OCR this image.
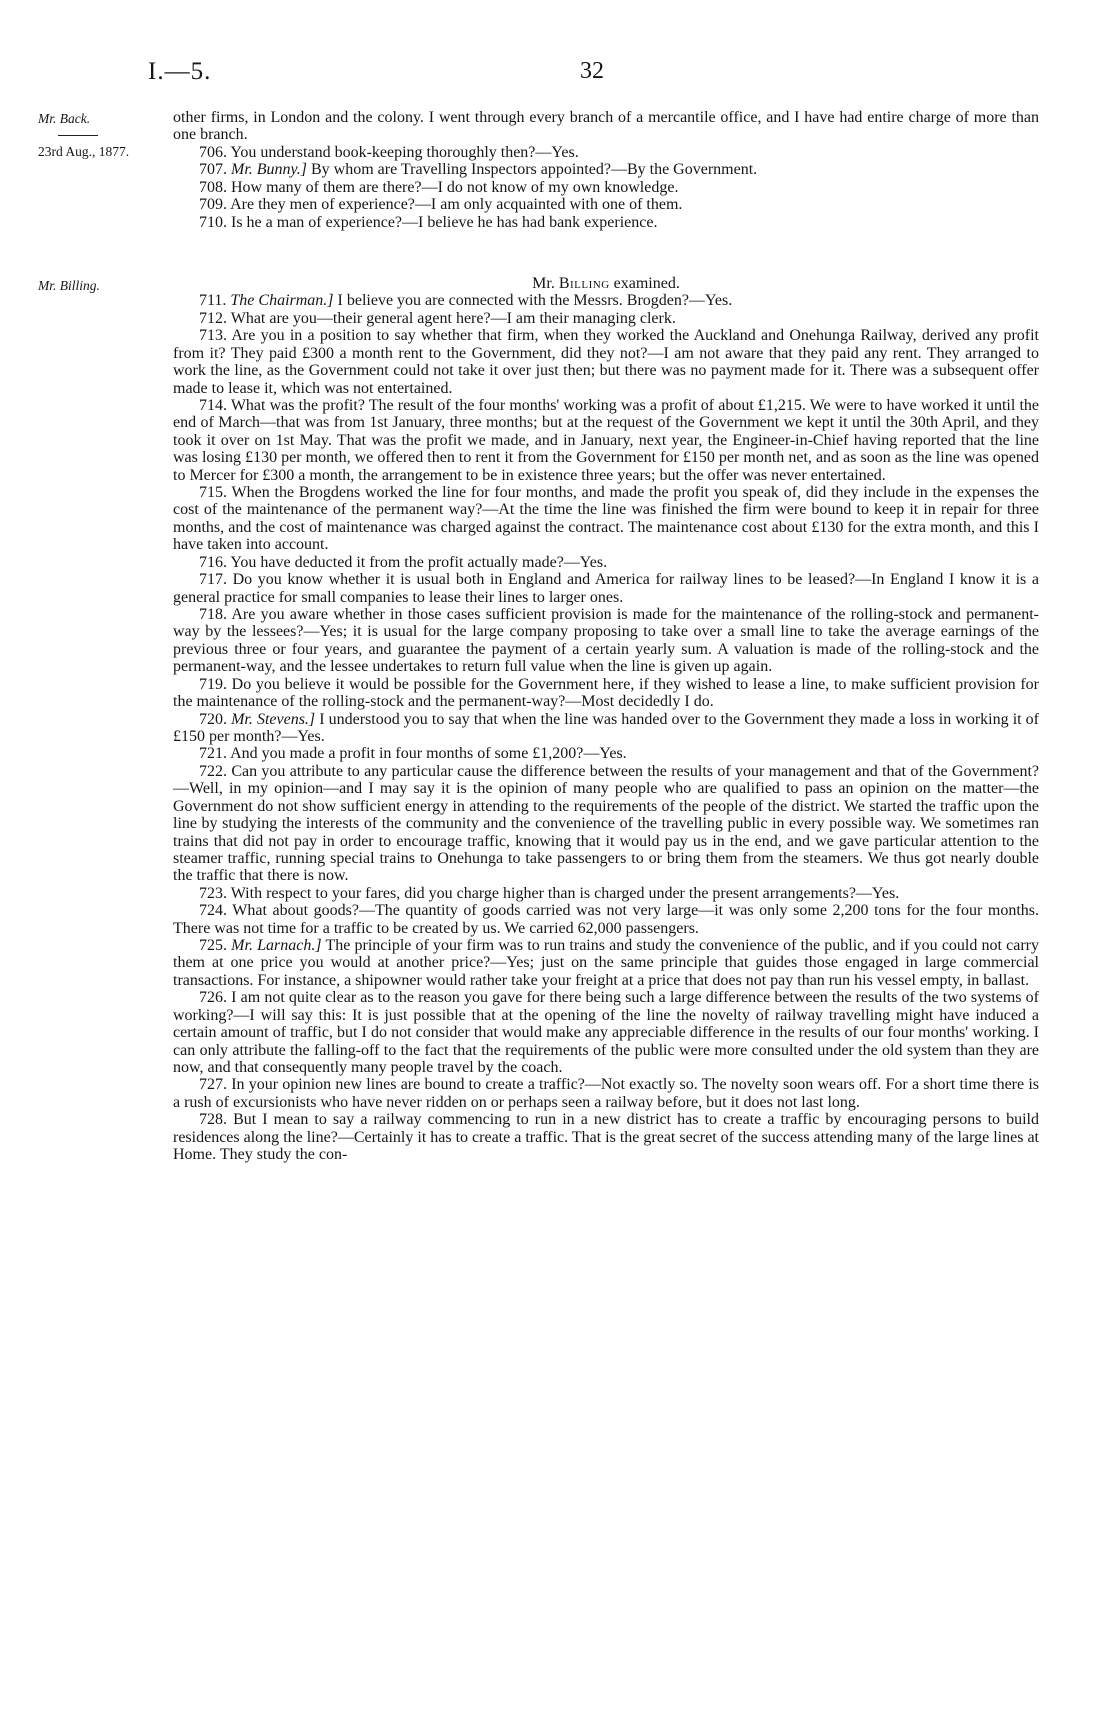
I.—5.	32
Mr. Back.
23rd Aug., 1877.
Mr. Billing.

other firms, in London and the colony. I went through every branch of a mercantile office, and I have had entire charge of more than one branch.

706. You understand book-keeping thoroughly then?—Yes.

707. Mr. Bunny.] By whom are Travelling Inspectors appointed?—By the Government.

708. How many of them are there?—I do not know of my own knowledge.

709. Are they men of experience?—I am only acquainted with one of them.

710. Is he a man of experience?—I believe he has had bank experience.

Mr. Billing examined.

711. The Chairman.] I believe you are connected with the Messrs. Brogden?—Yes.

712. What are you—their general agent here?—I am their managing clerk.

713. Are you in a position to say whether that firm, when they worked the Auckland and Onehunga Railway, derived any profit from it? They paid £300 a month rent to the Government, did they not?—I am not aware that they paid any rent. They arranged to work the line, as the Government could not take it over just then; but there was no payment made for it. There was a subsequent offer made to lease it, which was not entertained.

714. What was the profit? The result of the four months' working was a profit of about £1,215. We were to have worked it until the end of March—that was from 1st January, three months; but at the request of the Government we kept it until the 30th April, and they took it over on 1st May. That was the profit we made, and in January, next year, the Engineer-in-Chief having reported that the line was losing £130 per month, we offered then to rent it from the Government for £150 per month net, and as soon as the line was opened to Mercer for £300 a month, the arrangement to be in existence three years; but the offer was never entertained.

715. When the Brogdens worked the line for four months, and made the profit you speak of, did they include in the expenses the cost of the maintenance of the permanent way?—At the time the line was finished the firm were bound to keep it in repair for three months, and the cost of maintenance was charged against the contract. The maintenance cost about £130 for the extra month, and this I have taken into account.

716. You have deducted it from the profit actually made?—Yes.

717. Do you know whether it is usual both in England and America for railway lines to be leased?—In England I know it is a general practice for small companies to lease their lines to larger ones.

718. Are you aware whether in those cases sufficient provision is made for the maintenance of the rolling-stock and permanent-way by the lessees?—Yes; it is usual for the large company proposing to take over a small line to take the average earnings of the previous three or four years, and guarantee the payment of a certain yearly sum. A valuation is made of the rolling-stock and the permanent-way, and the lessee undertakes to return full value when the line is given up again.

719. Do you believe it would be possible for the Government here, if they wished to lease a line, to make sufficient provision for the maintenance of the rolling-stock and the permanent-way?—Most decidedly I do.

720. Mr. Stevens.] I understood you to say that when the line was handed over to the Government they made a loss in working it of £150 per month?—Yes.

721. And you made a profit in four months of some £1,200?—Yes.

722. Can you attribute to any particular cause the difference between the results of your management and that of the Government?—Well, in my opinion—and I may say it is the opinion of many people who are qualified to pass an opinion on the matter—the Government do not show sufficient energy in attending to the requirements of the people of the district. We started the traffic upon the line by studying the interests of the community and the convenience of the travelling public in every possible way. We sometimes ran trains that did not pay in order to encourage traffic, knowing that it would pay us in the end, and we gave particular attention to the steamer traffic, running special trains to Onehunga to take passengers to or bring them from the steamers. We thus got nearly double the traffic that there is now.

723. With respect to your fares, did you charge higher than is charged under the present arrangements?—Yes.

724. What about goods?—The quantity of goods carried was not very large—it was only some 2,200 tons for the four months. There was not time for a traffic to be created by us. We carried 62,000 passengers.

725. Mr. Larnach.] The principle of your firm was to run trains and study the convenience of the public, and if you could not carry them at one price you would at another price?—Yes; just on the same principle that guides those engaged in large commercial transactions. For instance, a shipowner would rather take your freight at a price that does not pay than run his vessel empty, in ballast.

726. I am not quite clear as to the reason you gave for there being such a large difference between the results of the two systems of working?—I will say this: It is just possible that at the opening of the line the novelty of railway travelling might have induced a certain amount of traffic, but I do not consider that would make any appreciable difference in the results of our four months' working. I can only attribute the falling-off to the fact that the requirements of the public were more consulted under the old system than they are now, and that consequently many people travel by the coach.

727. In your opinion new lines are bound to create a traffic?—Not exactly so. The novelty soon wears off. For a short time there is a rush of excursionists who have never ridden on or perhaps seen a railway before, but it does not last long.

728. But I mean to say a railway commencing to run in a new district has to create a traffic by encouraging persons to build residences along the line?—Certainly it has to create a traffic. That is the great secret of the success attending many of the large lines at Home. They study the con-
